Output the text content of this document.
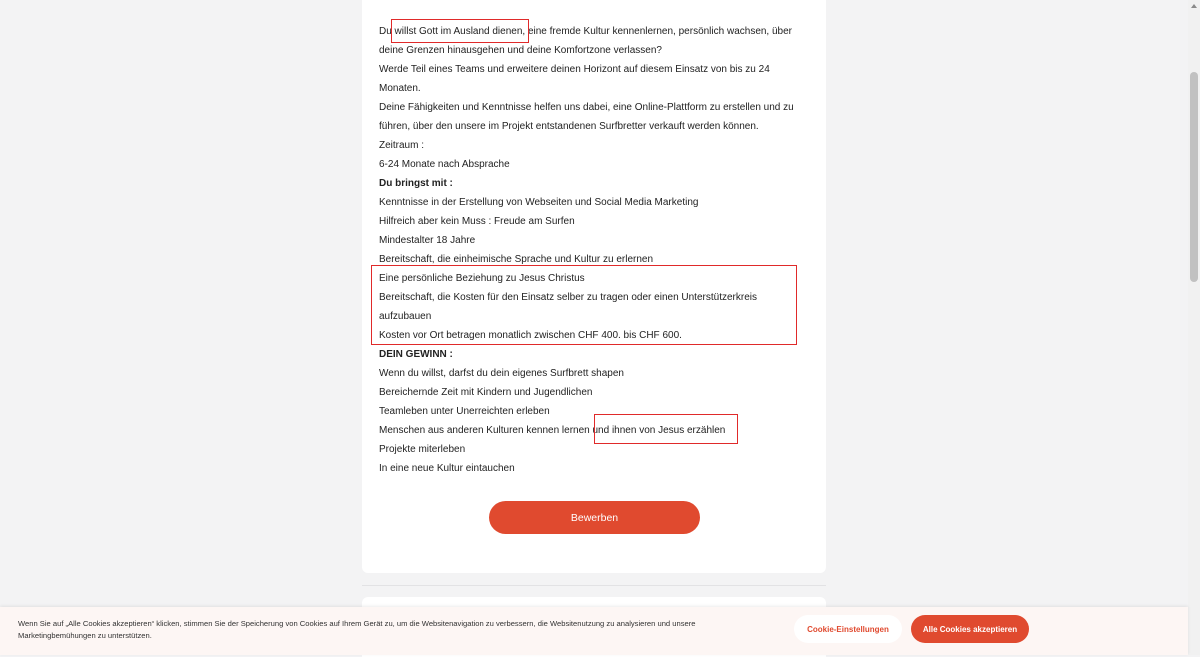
Du willst Gott im Ausland dienen, eine fremde Kultur kennenlernen, persönlich wachsen, über
deine Grenzen hinausgehen und deine Komfortzone verlassen?
Werde Teil eines Teams und erweitere deinen Horizont auf diesem Einsatz von bis zu 24
Monaten.
Deine Fähigkeiten und Kenntnisse helfen uns dabei, eine Online-Plattform zu erstellen und zu
führen, über den unsere im Projekt entstandenen Surfbretter verkauft werden können.
Zeitraum :
6-24 Monate nach Absprache
Du bringst mit :
Kenntnisse in der Erstellung von Webseiten und Social Media Marketing
Hilfreich aber kein Muss : Freude am Surfen
Mindestalter 18 Jahre
Bereitschaft, die einheimische Sprache und Kultur zu erlernen
Eine persönliche Beziehung zu Jesus Christus
Bereitschaft, die Kosten für den Einsatz selber zu tragen oder einen Unterstützerkreis
aufzubauen
Kosten vor Ort betragen monatlich zwischen CHF 400. bis CHF 600.
DEIN GEWINN :
Wenn du willst, darfst du dein eigenes Surfbrett shapen
Bereichernde Zeit mit Kindern und Jugendlichen
Teamleben unter Unerreichten erleben
Menschen aus anderen Kulturen kennen lernen und ihnen von Jesus erzählen
Projekte miterleben
In eine neue Kultur eintauchen
Bewerben
Wenn Sie auf „Alle Cookies akzeptieren“ klicken, stimmen Sie der Speicherung von Cookies auf Ihrem Gerät zu, um die Websitenavigation zu verbessern, die Websitenutzung zu analysieren und unsere Marketingbemühungen zu unterstützen.
Cookie-Einstellungen	Alle Cookies akzeptieren
